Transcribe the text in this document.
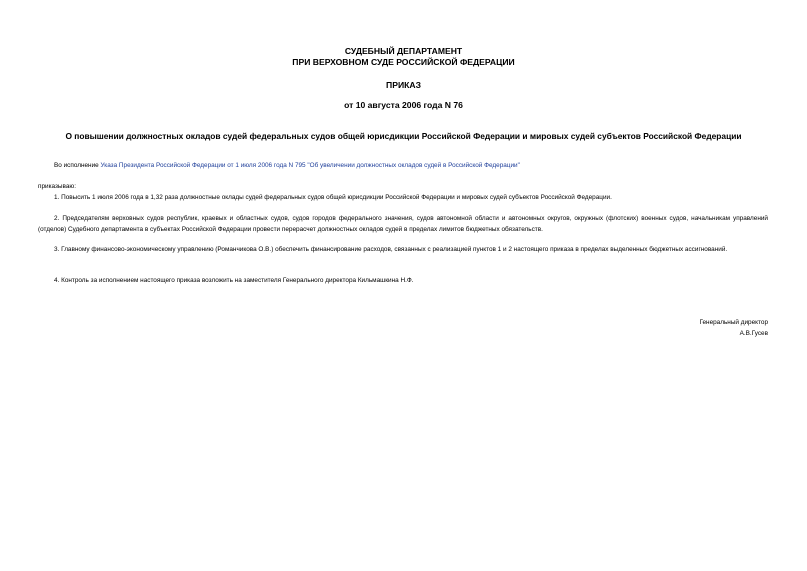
СУДЕБНЫЙ ДЕПАРТАМЕНТ
ПРИ ВЕРХОВНОМ СУДЕ РОССИЙСКОЙ ФЕДЕРАЦИИ
ПРИКАЗ
от 10 августа 2006 года N 76
О повышении должностных окладов судей федеральных судов общей юрисдикции Российской Федерации и мировых судей субъектов Российской Федерации
Во исполнение Указа Президента Российской Федерации от 1 июля 2006 года N 795 "Об увеличении должностных окладов судей в Российской Федерации"
приказываю:
1. Повысить 1 июля 2006 года в 1,32 раза должностные оклады судей федеральных судов общей юрисдикции Российской Федерации и мировых судей субъектов Российской Федерации.
2. Председателям верховных судов республик, краевых и областных судов, судов городов федерального значения, судов автономной области и автономных округов, окружных (флотских) военных судов, начальникам управлений (отделов) Судебного департамента в субъектах Российской Федерации провести перерасчет должностных окладов судей в пределах лимитов бюджетных обязательств.
3. Главному финансово-экономическому управлению (Романчикова О.В.) обеспечить финансирование расходов, связанных с реализацией пунктов 1 и 2 настоящего приказа в пределах выделенных бюджетных ассигнований.
4. Контроль за исполнением настоящего приказа возложить на заместителя Генерального директора Кильмашкина Н.Ф.
Генеральный директор
А.В.Гусев
